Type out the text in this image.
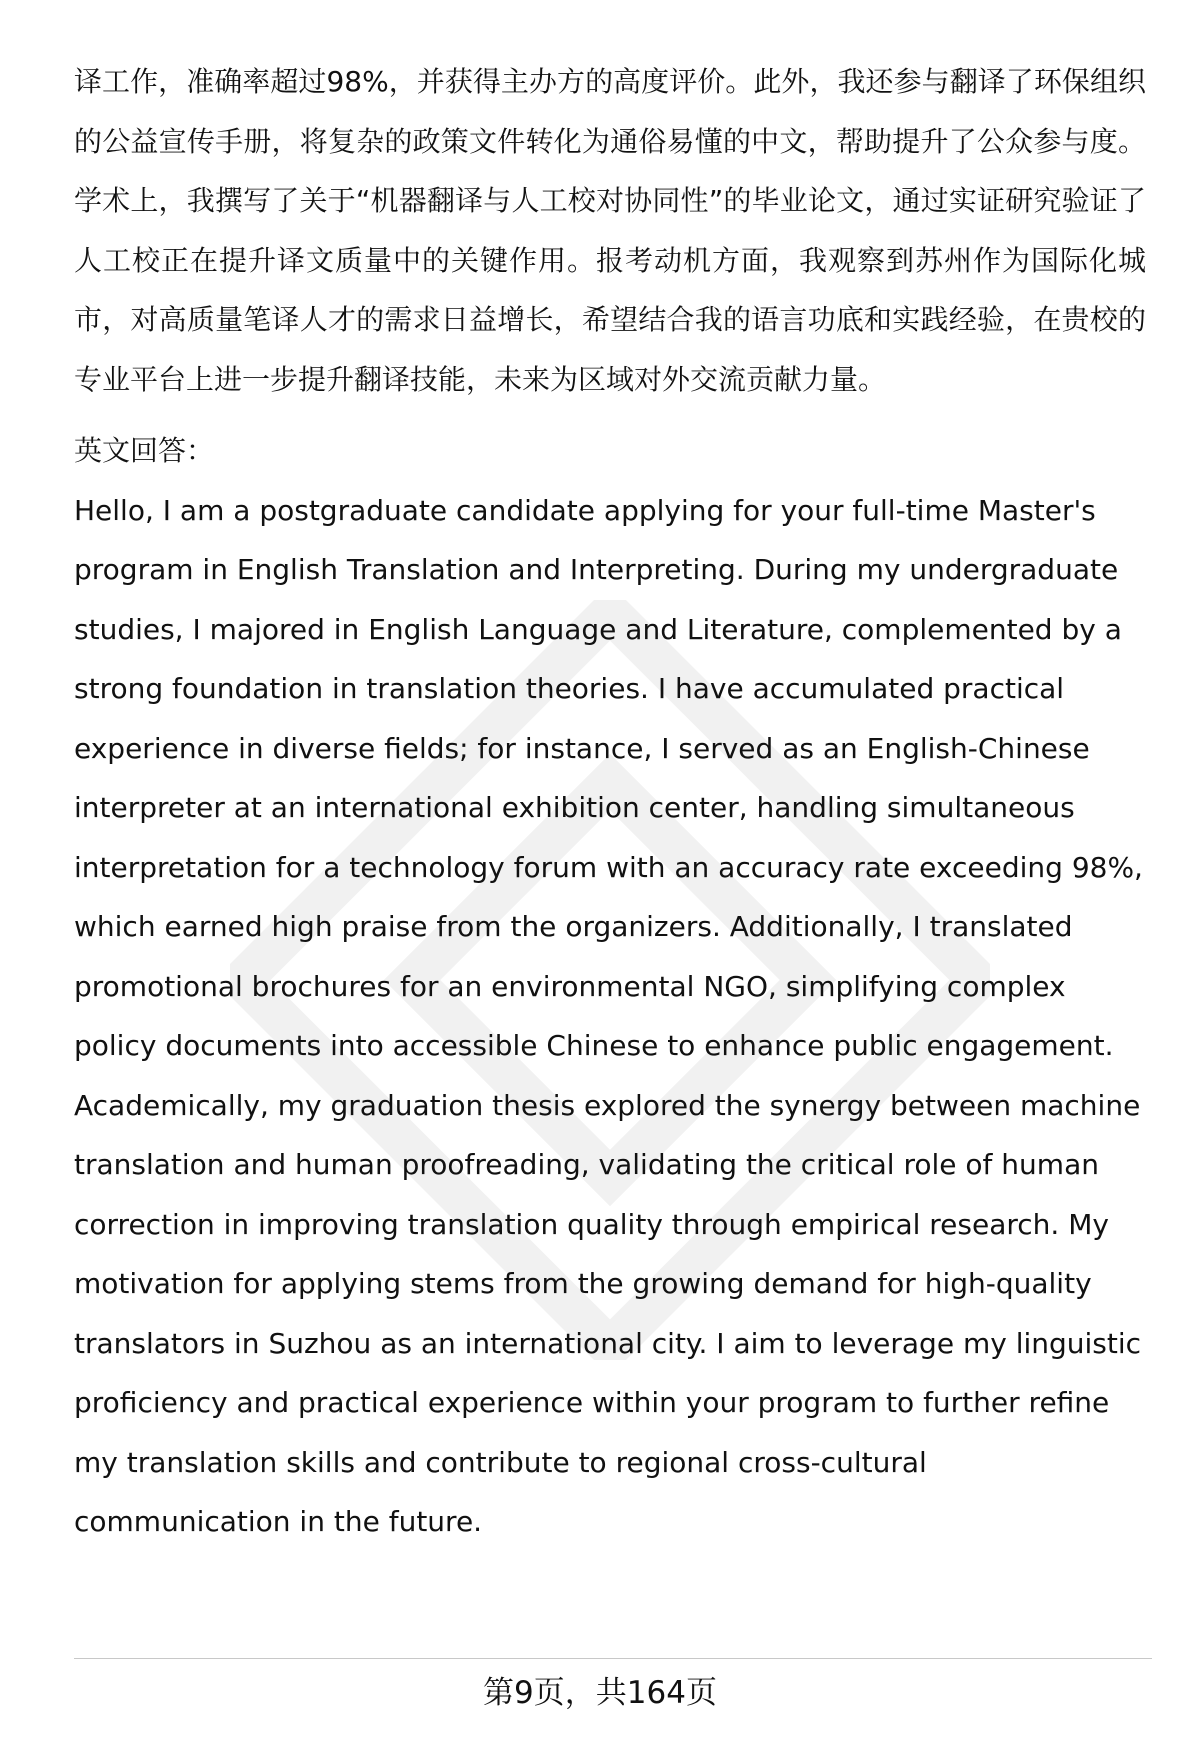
译工作，准确率超过98%，并获得主办方的高度评价。此外，我还参与翻译了环保组织的公益宣传手册，将复杂的政策文件转化为通俗易懂的中文，帮助提升了公众参与度。学术上，我撰写了关于“机器翻译与人工校对协同性”的毕业论文，通过实证研究验证了人工校正在提升译文质量中的关键作用。报考动机方面，我观察到苏州作为国际化城市，对高质量笔译人才的需求日益增长，希望结合我的语言功底和实践经验，在贵校的专业平台上进一步提升翻译技能，未来为区域对外交流贡献力量。

英文回答：

Hello, I am a postgraduate candidate applying for your full-time Master's program in English Translation and Interpreting. During my undergraduate studies, I majored in English Language and Literature, complemented by a strong foundation in translation theories. I have accumulated practical experience in diverse fields; for instance, I served as an English-Chinese interpreter at an international exhibition center, handling simultaneous interpretation for a technology forum with an accuracy rate exceeding 98%, which earned high praise from the organizers. Additionally, I translated promotional brochures for an environmental NGO, simplifying complex policy documents into accessible Chinese to enhance public engagement. Academically, my graduation thesis explored the synergy between machine translation and human proofreading, validating the critical role of human correction in improving translation quality through empirical research. My motivation for applying stems from the growing demand for high-quality translators in Suzhou as an international city. I aim to leverage my linguistic proficiency and practical experience within your program to further refine my translation skills and contribute to regional cross-cultural communication in the future.

第9页，共164页
